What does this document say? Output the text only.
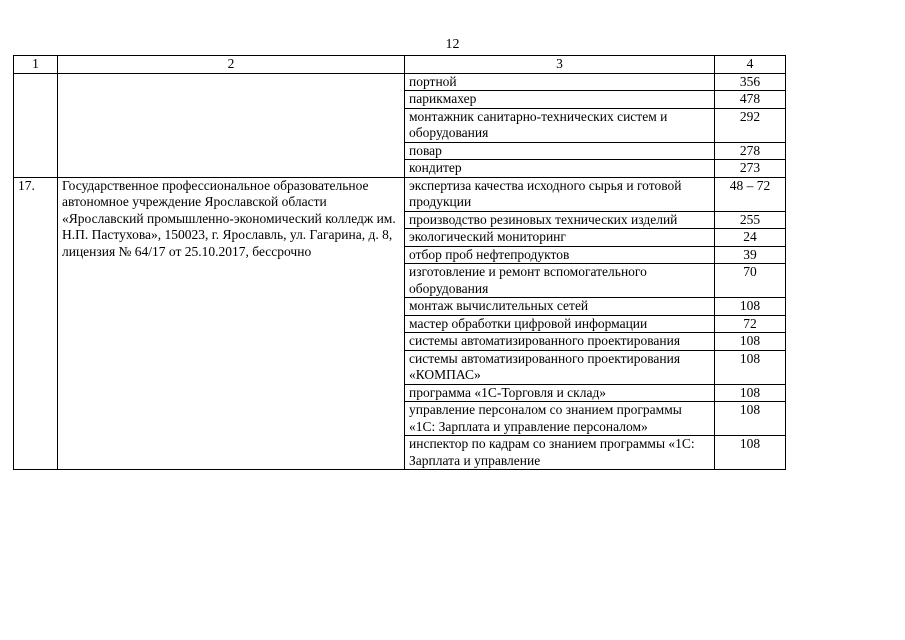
12
1	2	3	4
		портной	356
		парикмахер	478
		монтажник санитарно-технических систем и оборудования	292
		повар	278
		кондитер	273
17.	Государственное профессиональное образовательное автономное учреждение Ярославской области «Ярославский промышленно-экономический колледж им. Н.П. Пастухова», 150023, г. Ярославль, ул. Гагарина, д. 8, лицензия № 64/17 от 25.10.2017, бессрочно	экспертиза качества исходного сырья и готовой продукции	48 – 72
		производство резиновых технических изделий	255
		экологический мониторинг	24
		отбор проб нефтепродуктов	39
		изготовление и ремонт вспомогательного оборудования	70
		монтаж вычислительных сетей	108
		мастер обработки цифровой информации	72
		системы автоматизированного проектирования	108
		системы автоматизированного проектирования «КОМПАС»	108
		программа «1С-Торговля и склад»	108
		управление персоналом со знанием программы «1С: Зарплата и управление персоналом»	108
		инспектор по кадрам со знанием программы «1С: Зарплата и управление	108
